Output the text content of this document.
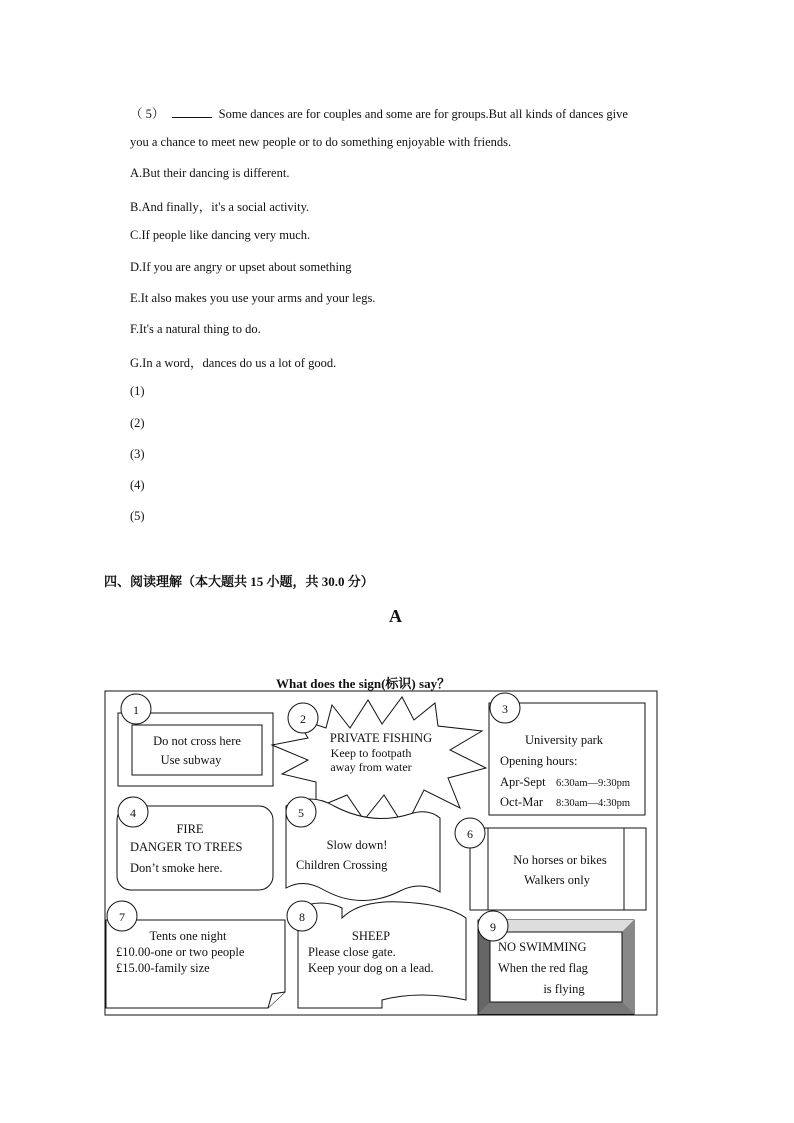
（ 5）	Some dances are for couples and some are for groups.But all kinds of dances give
you a chance to meet new people or to do something enjoyable with friends.
A.But their dancing is different.
B.And finally，it's a social activity.
C.If people like dancing very much.
D.If you are angry or upset about something
E.It also makes you use your arms and your legs.
F.It's a natural thing to do.
G.In a word，dances do us a lot of good.
(1)
(2)
(3)
(4)
(5)
四、阅读理解（本大题共 15 小题，共 30.0 分）
A
What does the sign(标识) say？
1
Do not cross here
Use subway
2
PRIVATE FISHING
Keep to footpath
away from water
3
University park
Opening hours:
Apr-Sept 6:30am—9:30pm
Oct-Mar 8:30am—4:30pm
4
FIRE
DANGER TO TREES
Don’t smoke here.
5
Slow down!
Children Crossing
6
No horses or bikes
Walkers only
7
Tents one night
£10.00-one or two people
£15.00-family size
8
SHEEP
Please close gate.
Keep your dog on a lead.
9
NO SWIMMING
When the red flag
is flying
